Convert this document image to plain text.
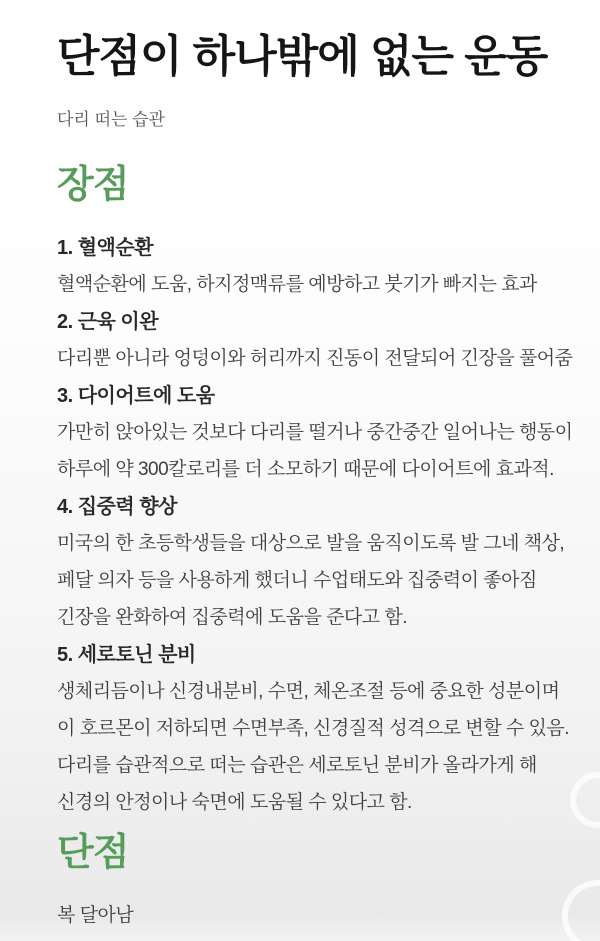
단점이 하나밖에 없는 운동

다리 떠는 습관

장점
1. 혈액순환
혈액순환에 도움, 하지정맥류를 예방하고 붓기가 빠지는 효과
2. 근육 이완
다리뿐 아니라 엉덩이와 허리까지 진동이 전달되어 긴장을 풀어줌
3. 다이어트에 도움
가만히 앉아있는 것보다 다리를 떨거나 중간중간 일어나는 행동이
하루에 약 300칼로리를 더 소모하기 때문에 다이어트에 효과적.
4. 집중력 향상
미국의 한 초등학생들을 대상으로 발을 움직이도록 발 그네 책상,
페달 의자 등을 사용하게 했더니 수업태도와 집중력이 좋아짐
긴장을 완화하여 집중력에 도움을 준다고 함.
5. 세로토닌 분비
생체리듬이나 신경내분비, 수면, 체온조절 등에 중요한 성분이며
이 호르몬이 저하되면 수면부족, 신경질적 성격으로 변할 수 있음.
다리를 습관적으로 떠는 습관은 세로토닌 분비가 올라가게 해
신경의 안정이나 숙면에 도움될 수 있다고 함.
단점

복 달아남
